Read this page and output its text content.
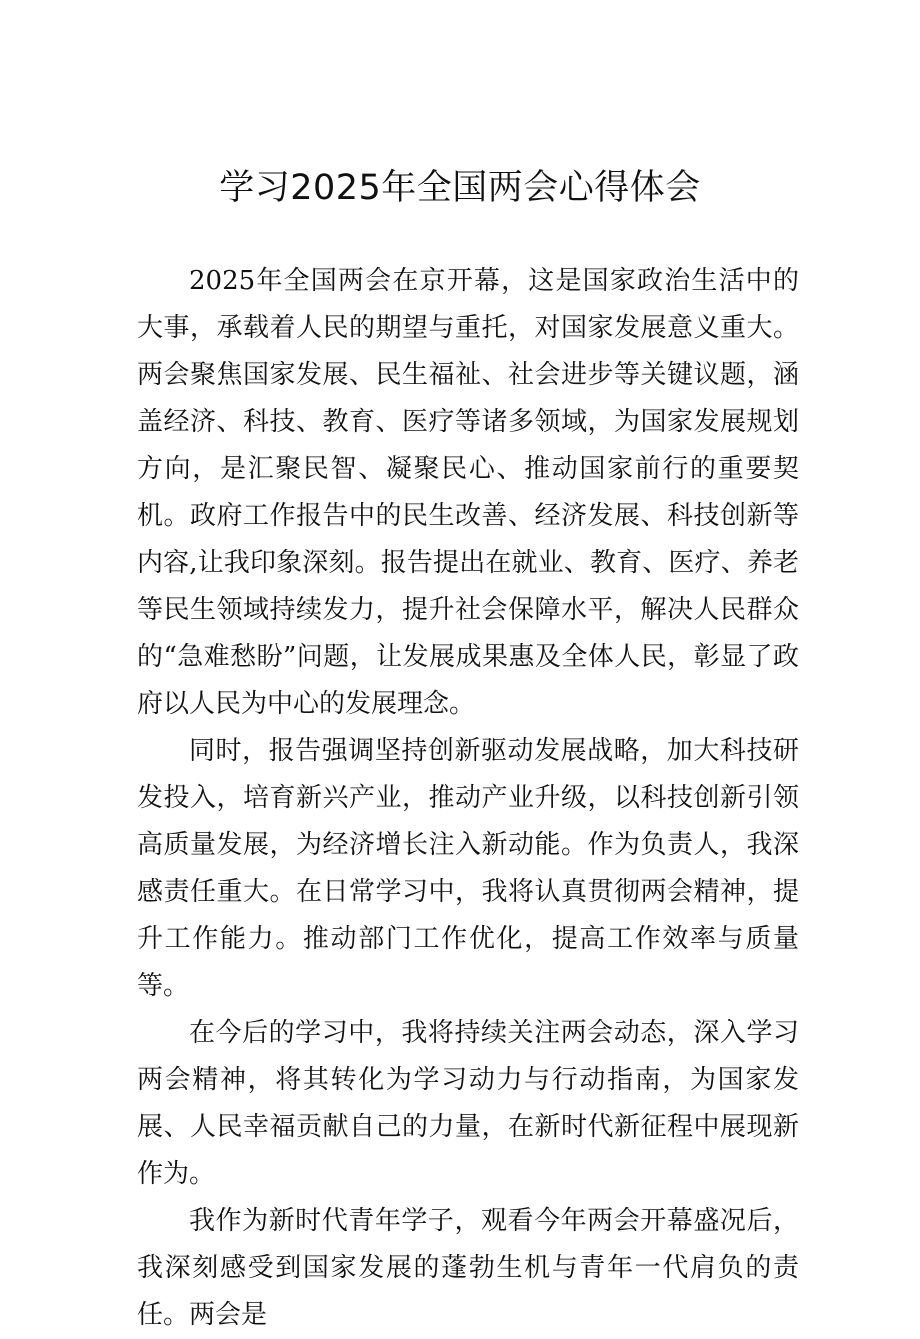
学习2025年全国两会心得体会

2025年全国两会在京开幕，这是国家政治生活中的大事，承载着人民的期望与重托，对国家发展意义重大。两会聚焦国家发展、民生福祉、社会进步等关键议题，涵盖经济、科技、教育、医疗等诸多领域，为国家发展规划方向，是汇聚民智、凝聚民心、推动国家前行的重要契机。政府工作报告中的民生改善、经济发展、科技创新等内容,让我印象深刻。报告提出在就业、教育、医疗、养老等民生领域持续发力，提升社会保障水平，解决人民群众的“急难愁盼”问题，让发展成果惠及全体人民，彰显了政府以人民为中心的发展理念。

同时，报告强调坚持创新驱动发展战略，加大科技研发投入，培育新兴产业，推动产业升级，以科技创新引领高质量发展，为经济增长注入新动能。作为负责人，我深感责任重大。在日常学习中，我将认真贯彻两会精神，提升工作能力。推动部门工作优化，提高工作效率与质量等。

在今后的学习中，我将持续关注两会动态，深入学习两会精神，将其转化为学习动力与行动指南，为国家发展、人民幸福贡献自己的力量，在新时代新征程中展现新作为。

我作为新时代青年学子，观看今年两会开幕盛况后，我深刻感受到国家发展的蓬勃生机与青年一代肩负的责任。两会是
